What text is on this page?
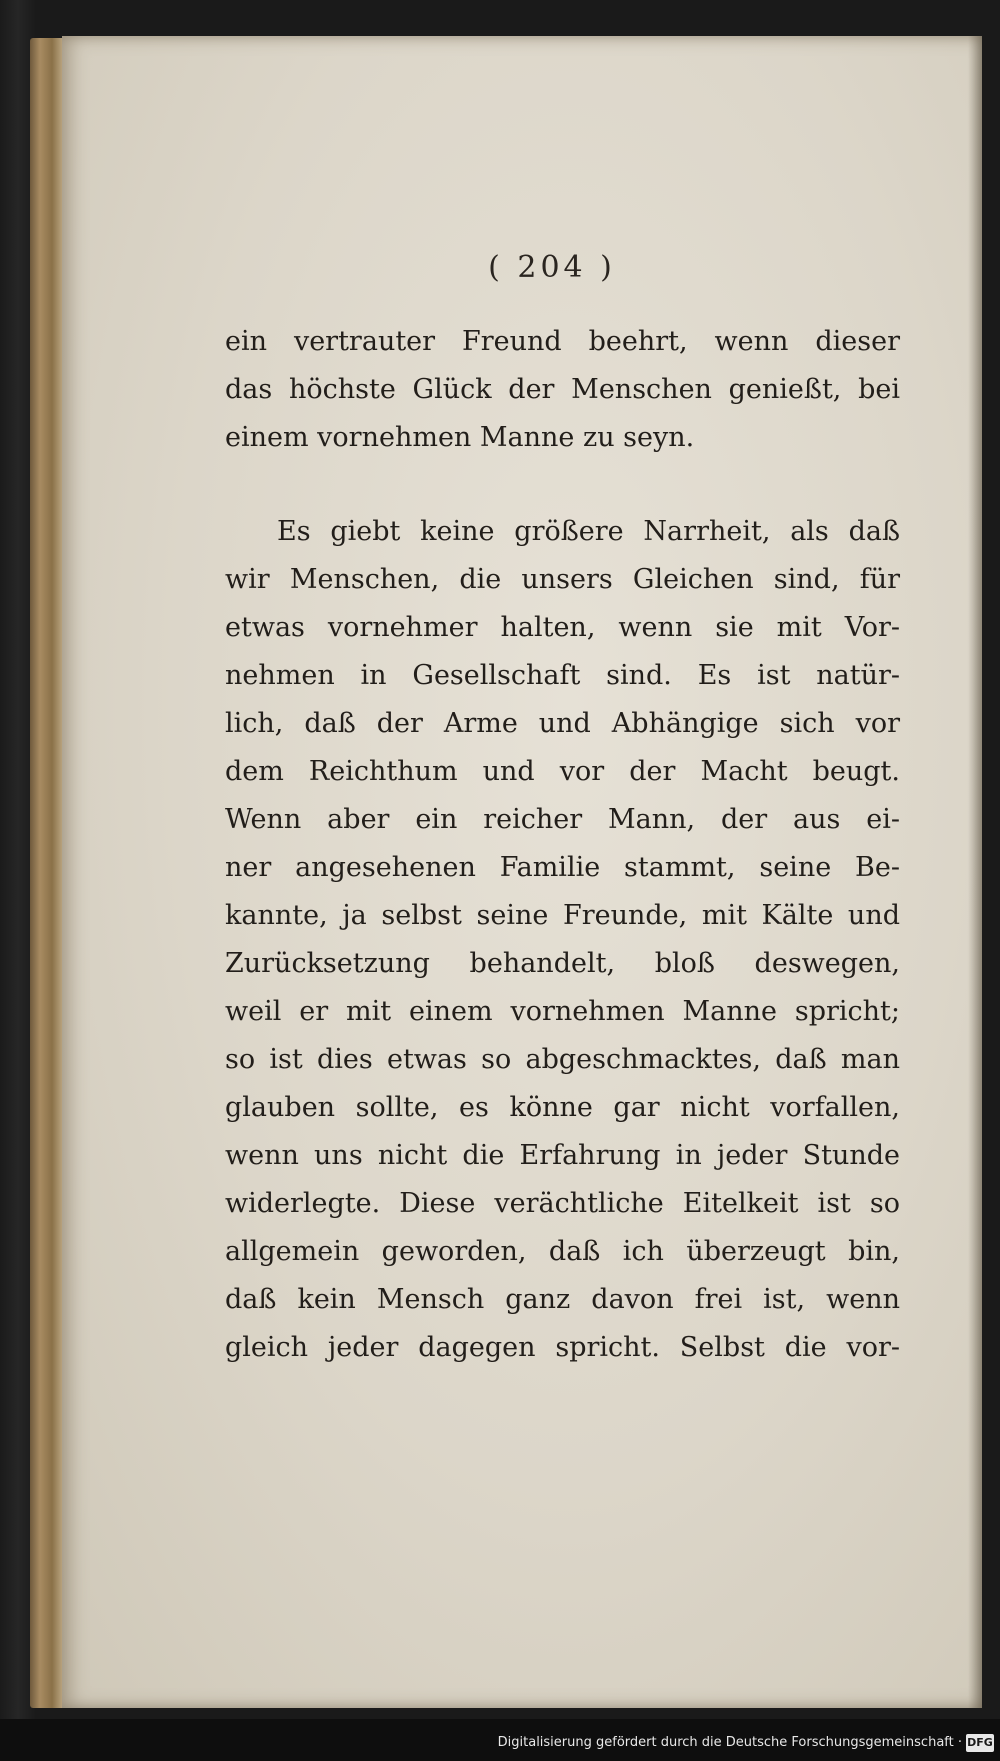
( 204 )
ein vertrauter Freund beehrt, wenn dieser
das höchste Glück der Menschen genießt, bei
einem vornehmen Manne zu seyn.
Es giebt keine größere Narrheit, als daß
wir Menschen, die unsers Gleichen sind, für
etwas vornehmer halten, wenn sie mit Vor-
nehmen in Gesellschaft sind. Es ist natür-
lich, daß der Arme und Abhängige sich vor
dem Reichthum und vor der Macht beugt.
Wenn aber ein reicher Mann, der aus ei-
ner angesehenen Familie stammt, seine Be-
kannte, ja selbst seine Freunde, mit Kälte und
Zurücksetzung behandelt, bloß deswegen,
weil er mit einem vornehmen Manne spricht;
so ist dies etwas so abgeschmacktes, daß man
glauben sollte, es könne gar nicht vorfallen,
wenn uns nicht die Erfahrung in jeder Stunde
widerlegte. Diese verächtliche Eitelkeit ist so
allgemein geworden, daß ich überzeugt bin,
daß kein Mensch ganz davon frei ist, wenn
gleich jeder dagegen spricht. Selbst die vor-
Digitalisierung gefördert durch die Deutsche Forschungsgemeinschaft · DFG
